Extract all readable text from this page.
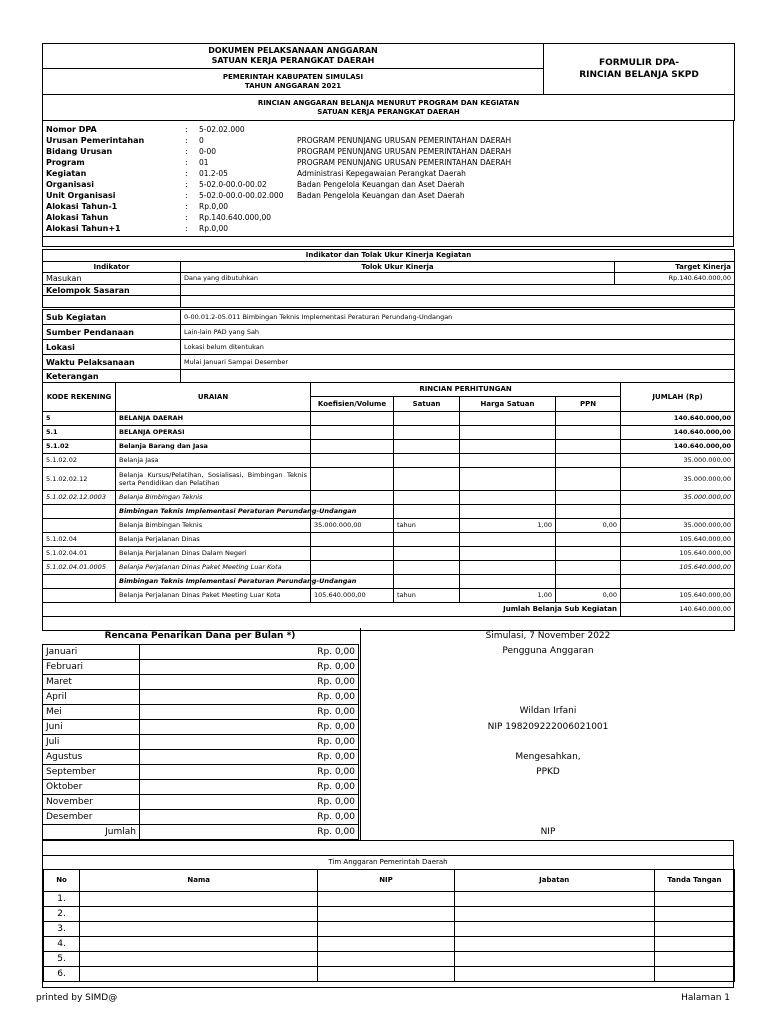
DOKUMEN PELAKSANAAN ANGGARAN
SATUAN KERJA PERANGKAT DAERAH	FORMULIR DPA-
RINCIAN BELANJA SKPD

PEMERINTAH KABUPATEN SIMULASI
TAHUN ANGGARAN 2021

RINCIAN ANGGARAN BELANJA MENURUT PROGRAM DAN KEGIATAN
SATUAN KERJA PERANGKAT DAERAH
Nomor DPA	:	5-02.02.000	
Urusan Pemerintahan	:	0	PROGRAM PENUNJANG URUSAN PEMERINTAHAN DAERAH
Bidang Urusan	:	0-00	PROGRAM PENUNJANG URUSAN PEMERINTAHAN DAERAH
Program	:	01	PROGRAM PENUNJANG URUSAN PEMERINTAHAN DAERAH
Kegiatan	:	01.2-05	Administrasi Kepegawaian Perangkat Daerah
Organisasi	:	5-02.0-00.0-00.02	Badan Pengelola Keuangan dan Aset Daerah
Unit Organisasi	:	5-02.0-00.0-00.02.000	Badan Pengelola Keuangan dan Aset Daerah
Alokasi Tahun-1	:	Rp.0,00	
Alokasi Tahun	:	Rp.140.640.000,00	
Alokasi Tahun+1	:	Rp.0,00	
Indikator dan Tolak Ukur Kinerja Kegiatan		
Indikator	Tolok Ukur Kinerja	Target Kinerja
Masukan	Dana yang dibutuhkan	Rp.140.640.000,00
Kelompok Sasaran		

Sub Kegiatan	0-00.01.2-05.011 Bimbingan Teknis Implementasi Peraturan Perundang-Undangan
Sumber Pendanaan	Lain-lain PAD yang Sah
Lokasi	Lokasi belum ditentukan
Waktu Pelaksanaan	Mulai Januari Sampai Desember
Keterangan	
KODE REKENING	URAIAN	RINCIAN PERHITUNGAN				JUMLAH (Rp)
		Koefisien/Volume	Satuan	Harga Satuan	PPN	
5	BELANJA DAERAH					140.640.000,00
5.1	BELANJA OPERASI					140.640.000,00
5.1.02	Belanja Barang dan Jasa					140.640.000,00
5.1.02.02	Belanja Jasa					35.000.000,00
5.1.02.02.12	Belanja Kursus/Pelatihan, Sosialisasi, Bimbingan Teknis serta Pendidikan dan Pelatihan					35.000.000,00
5.1.02.02.12.0003	Belanja Bimbingan Teknis					35.000.000,00
	Bimbingan Teknis Implementasi Peraturan Perundang-Undangan					
	Belanja Bimbingan Teknis	35.000.000,00	tahun	1,00	0,00	35.000.000,00
5.1.02.04	Belanja Perjalanan Dinas					105.640.000,00
5.1.02.04.01	Belanja Perjalanan Dinas Dalam Negeri					105.640.000,00
5.1.02.04.01.0005	Belanja Perjalanan Dinas Paket Meeting Luar Kota					105.640.000,00
	Bimbingan Teknis Implementasi Peraturan Perundang-Undangan					
	Belanja Perjalanan Dinas Paket Meeting Luar Kota	105.640.000,00	tahun	1,00	0,00	105.640.000,00
Jumlah Belanja Sub Kegiatan						140.640.000,00

Rencana Penarikan Dana per Bulan *)
Januari	Rp. 0,00
Februari	Rp. 0,00
Maret	Rp. 0,00
April	Rp. 0,00
Mei	Rp. 0,00
Juni	Rp. 0,00
Juli	Rp. 0,00
Agustus	Rp. 0,00
September	Rp. 0,00
Oktober	Rp. 0,00
November	Rp. 0,00
Desember	Rp. 0,00
Jumlah	Rp. 0,00
Simulasi, 7 November 2022
Pengguna Anggaran
Wildan Irfani
NIP 198209222006021001
Mengesahkan,
PPKD
NIP
Tim Anggaran Pemerintah Daerah
No	Nama	NIP	Jabatan	Tanda Tangan
1.				
2.				
3.				
4.				
5.				
6.				
printed by SIMD@	Halaman 1
